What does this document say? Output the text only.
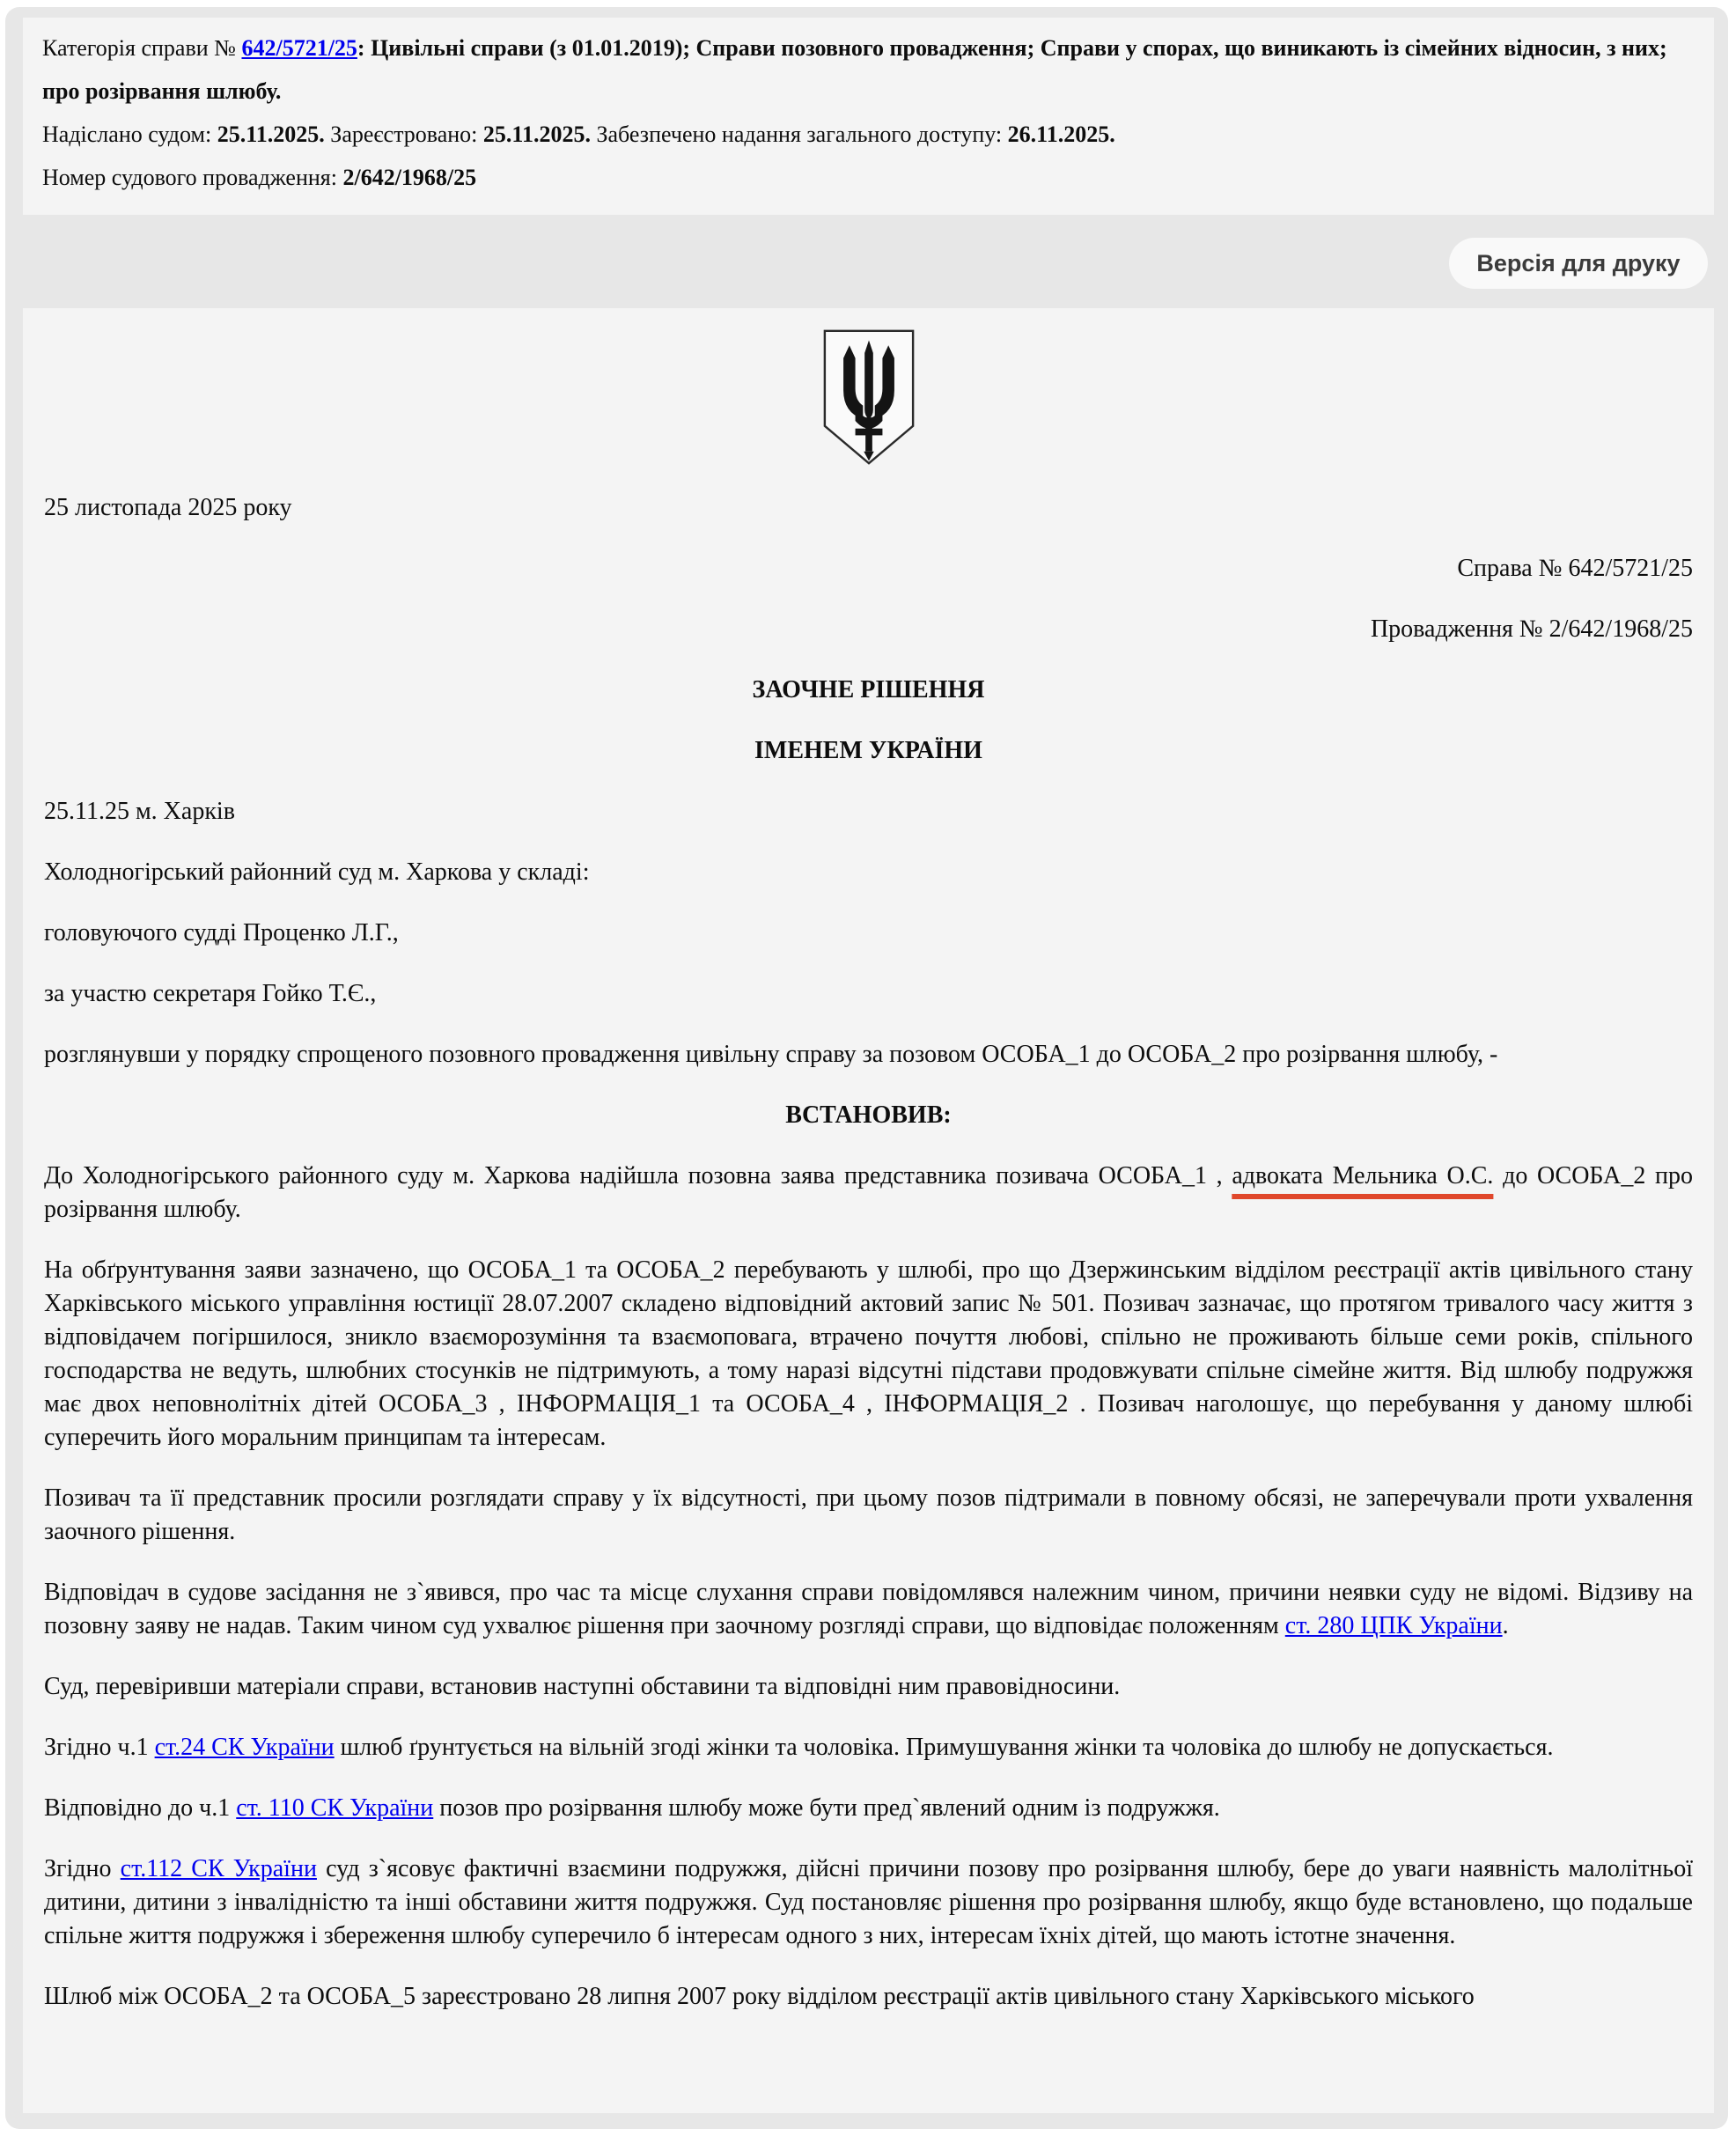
Категорія справи № 642/5721/25: Цивільні справи (з 01.01.2019); Справи позовного провадження; Справи у спорах, що виникають із сімейних відносин, з них; про розірвання шлюбу.
Надіслано судом: 25.11.2025. Зареєстровано: 25.11.2025. Забезпечено надання загального доступу: 26.11.2025.
Номер судового провадження: 2/642/1968/25
Версія для друку

25 листопада 2025 року

Справа № 642/5721/25

Провадження № 2/642/1968/25

ЗАОЧНЕ РІШЕННЯ

ІМЕНЕМ УКРАЇНИ

25.11.25 м. Харків

Холодногірський районний суд м. Харкова у складі:

головуючого судді Проценко Л.Г.,

за участю секретаря Гойко Т.Є.,

розглянувши у порядку спрощеного позовного провадження цивільну справу за позовом ОСОБА_1 до ОСОБА_2 про розірвання шлюбу, -

ВСТАНОВИВ:

До Холодногірського районного суду м. Харкова надійшла позовна заява представника позивача ОСОБА_1 , адвоката Мельника О.С. до ОСОБА_2 про розірвання шлюбу.

На обґрунтування заяви зазначено, що ОСОБА_1 та ОСОБА_2 перебувають у шлюбі, про що Дзержинським відділом реєстрації актів цивільного стану Харківського міського управління юстиції 28.07.2007 складено відповідний актовий запис № 501. Позивач зазначає, що протягом тривалого часу життя з відповідачем погіршилося, зникло взаєморозуміння та взаємоповага, втрачено почуття любові, спільно не проживають більше семи років, спільного господарства не ведуть, шлюбних стосунків не підтримують, а тому наразі відсутні підстави продовжувати спільне сімейне життя. Від шлюбу подружжя має двох неповнолітніх дітей ОСОБА_3 , ІНФОРМАЦІЯ_1 та ОСОБА_4 , ІНФОРМАЦІЯ_2 . Позивач наголошує, що перебування у даному шлюбі суперечить його моральним принципам та інтересам.

Позивач та її представник просили розглядати справу у їх відсутності, при цьому позов підтримали в повному обсязі, не заперечували проти ухвалення заочного рішення.

Відповідач в судове засідання не з`явився, про час та місце слухання справи повідомлявся належним чином, причини неявки суду не відомі. Відзиву на позовну заяву не надав. Таким чином суд ухвалює рішення при заочному розгляді справи, що відповідає положенням ст. 280 ЦПК України.

Суд, перевіривши матеріали справи, встановив наступні обставини та відповідні ним правовідносини.

Згідно ч.1 ст.24 СК України шлюб ґрунтується на вільній згоді жінки та чоловіка. Примушування жінки та чоловіка до шлюбу не допускається.

Відповідно до ч.1 ст. 110 СК України позов про розірвання шлюбу може бути пред`явлений одним із подружжя.

Згідно ст.112 СК України суд з`ясовує фактичні взаємини подружжя, дійсні причини позову про розірвання шлюбу, бере до уваги наявність малолітньої дитини, дитини з інвалідністю та інші обставини життя подружжя. Суд постановляє рішення про розірвання шлюбу, якщо буде встановлено, що подальше спільне життя подружжя і збереження шлюбу суперечило б інтересам одного з них, інтересам їхніх дітей, що мають істотне значення.

Шлюб між ОСОБА_2 та ОСОБА_5 зареєстровано 28 липня 2007 року відділом реєстрації актів цивільного стану Харківського міського
